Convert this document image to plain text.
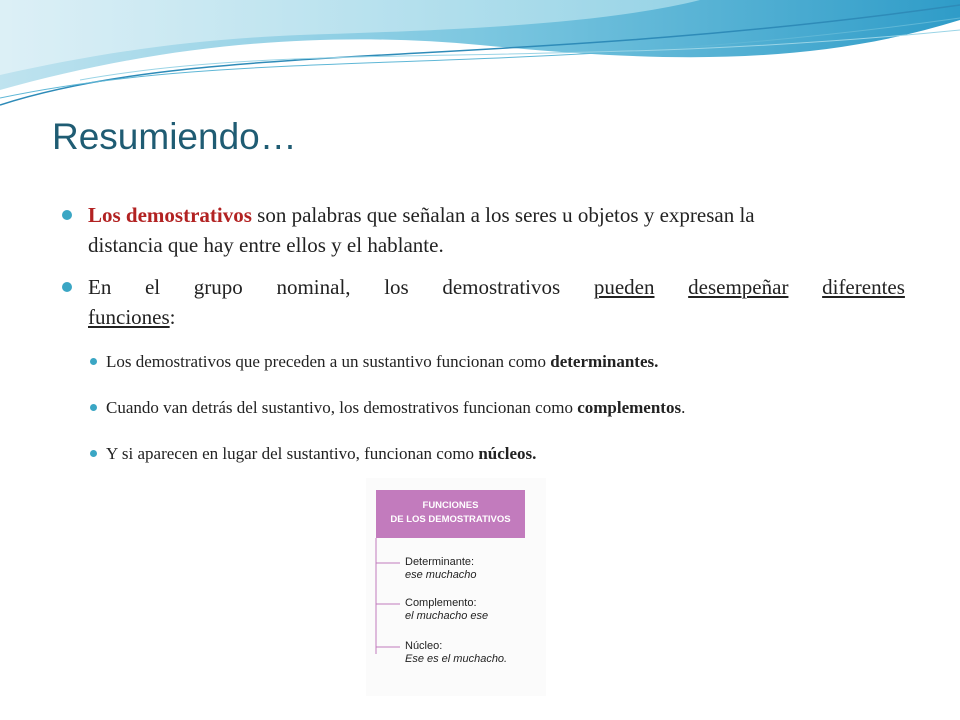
Resumiendo…
Los demostrativos son palabras que señalan a los seres u objetos y expresan la
distancia que hay entre ellos y el hablante.
En el grupo nominal, los demostrativos pueden desempeñar diferentes
funciones:
Los demostrativos que preceden a un sustantivo funcionan como determinantes.
Cuando van detrás del sustantivo, los demostrativos funcionan como complementos.
Y si aparecen en lugar del sustantivo, funcionan como núcleos.
FUNCIONES
DE LOS DEMOSTRATIVOS
Determinante:
ese muchacho
Complemento:
el muchacho ese
Núcleo:
Ese es el muchacho.
